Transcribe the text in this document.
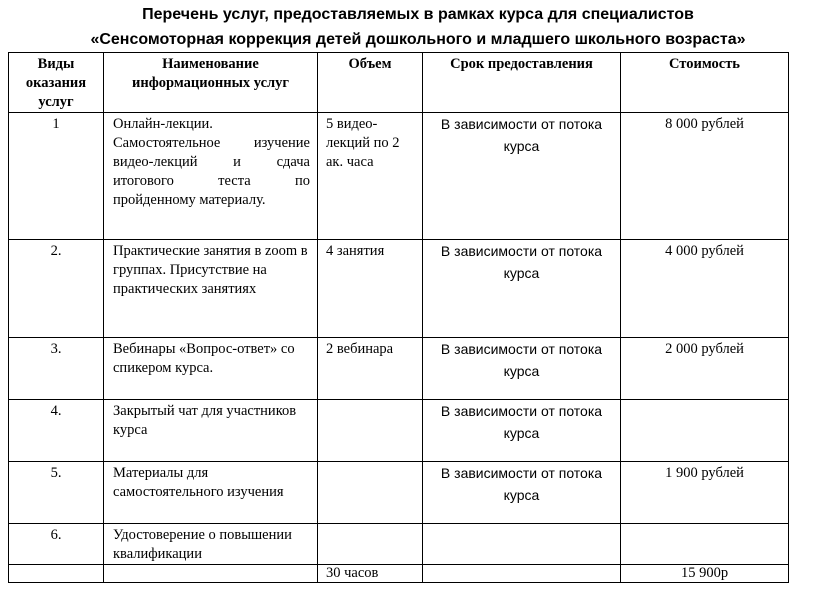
Перечень услуг, предоставляемых в рамках курса для специалистов
«Сенсомоторная коррекция детей дошкольного и младшего школьного возраста»
Виды оказания услуг	Наименование информационных услуг	Объем	Срок предоставления	Стоимость
1	Онлайн-лекции. Самостоятельное изучение видео-лекций и сдача итогового теста по пройденному материалу.	5 видео-лекций по 2 ак. часа	В зависимости от потока курса	8 000 рублей
2.	Практические занятия в zoom в группах. Присутствие на практических занятиях	4 занятия	В зависимости от потока курса	4 000 рублей
3.	Вебинары «Вопрос-ответ» со спикером курса.	2 вебинара	В зависимости от потока курса	2 000 рублей
4.	Закрытый чат для участников курса		В зависимости от потока курса	
5.	Материалы для самостоятельного изучения		В зависимости от потока курса	1 900 рублей
6.	Удостоверение о повышении квалификации			
		30 часов		15 900р
